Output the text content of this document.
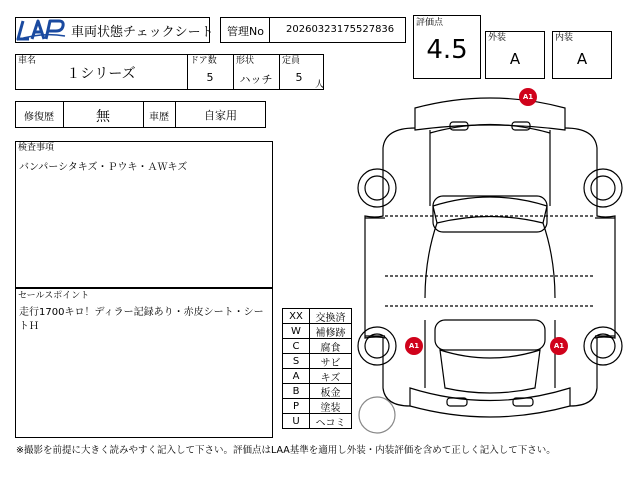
車両状態チェックシート 管理No 20260323175527836
評価点
4.5	外装
A
内装
A
車名
１シリーズ
ドア数
5
形状
ハッチ
定員
5
人
修復歴	無	車歴	自家用
検査事項
バンパーシタキズ・Ｐウキ・ＡＷキズ
セールスポイント
走行1700キロ！ディラー記録あり・赤皮シート・シートＨ
XX	交換済
W	補修跡
C	腐食
S	サビ
A	キズ
B	板金
P	塗装
U	ヘコミ
A1
A1	A1
※撮影を前提に大きく読みやすく記入して下さい。評価点はLAA基準を適用し外装・内装評価を含めて正しく記入して下さい。
